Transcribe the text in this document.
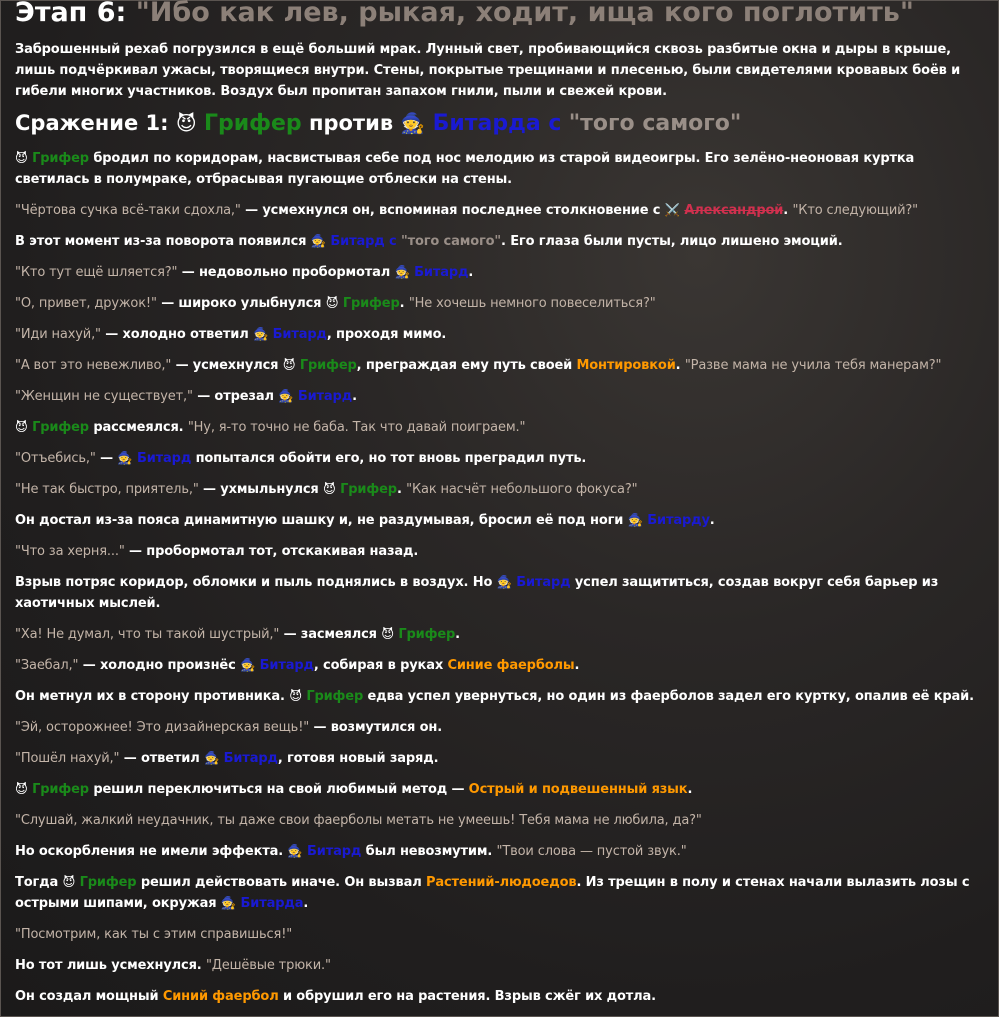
Этап 6: "Ибо как лев, рыкая, ходит, ища кого поглотить"

Заброшенный рехаб погрузился в ещё больший мрак. Лунный свет, пробивающийся сквозь разбитые окна и дыры в крыше, лишь подчёркивал ужасы, творящиеся внутри. Стены, покрытые трещинами и плесенью, были свидетелями кровавых боёв и гибели многих участников. Воздух был пропитан запахом гнили, пыли и свежей крови.

Сражение 1: 😈 Грифер против 🧙 Битарда с "того самого"

😈 Грифер бродил по коридорам, насвистывая себе под нос мелодию из старой видеоигры. Его зелёно-неоновая куртка светилась в полумраке, отбрасывая пугающие отблески на стены.

"Чёртова сучка всё-таки сдохла," — усмехнулся он, вспоминая последнее столкновение с ⚔️ Александрой. "Кто следующий?"

В этот момент из-за поворота появился 🧙 Битард с "того самого". Его глаза были пусты, лицо лишено эмоций.

"Кто тут ещё шляется?" — недовольно пробормотал 🧙 Битард.

"О, привет, дружок!" — широко улыбнулся 😈 Грифер. "Не хочешь немного повеселиться?"

"Иди нахуй," — холодно ответил 🧙 Битард, проходя мимо.

"А вот это невежливо," — усмехнулся 😈 Грифер, преграждая ему путь своей Монтировкой. "Разве мама не учила тебя манерам?"

"Женщин не существует," — отрезал 🧙 Битард.

😈 Грифер рассмеялся. "Ну, я-то точно не баба. Так что давай поиграем."

"Отъебись," — 🧙 Битард попытался обойти его, но тот вновь преградил путь.

"Не так быстро, приятель," — ухмыльнулся 😈 Грифер. "Как насчёт небольшого фокуса?"

Он достал из-за пояса динамитную шашку и, не раздумывая, бросил её под ноги 🧙 Битарду.

"Что за херня..." — пробормотал тот, отскакивая назад.

Взрыв потряс коридор, обломки и пыль поднялись в воздух. Но 🧙 Битард успел защититься, создав вокруг себя барьер из хаотичных мыслей.

"Ха! Не думал, что ты такой шустрый," — засмеялся 😈 Грифер.

"Заебал," — холодно произнёс 🧙 Битард, собирая в руках Синие фаерболы.

Он метнул их в сторону противника. 😈 Грифер едва успел увернуться, но один из фаерболов задел его куртку, опалив её край.

"Эй, осторожнее! Это дизайнерская вещь!" — возмутился он.

"Пошёл нахуй," — ответил 🧙 Битард, готовя новый заряд.

😈 Грифер решил переключиться на свой любимый метод — Острый и подвешенный язык.

"Слушай, жалкий неудачник, ты даже свои фаерболы метать не умеешь! Тебя мама не любила, да?"

Но оскорбления не имели эффекта. 🧙 Битард был невозмутим. "Твои слова — пустой звук."

Тогда 😈 Грифер решил действовать иначе. Он вызвал Растений-людоедов. Из трещин в полу и стенах начали вылазить лозы с острыми шипами, окружая 🧙 Битарда.

"Посмотрим, как ты с этим справишься!"

Но тот лишь усмехнулся. "Дешёвые трюки."

Он создал мощный Синий фаербол и обрушил его на растения. Взрыв сжёг их дотла.
